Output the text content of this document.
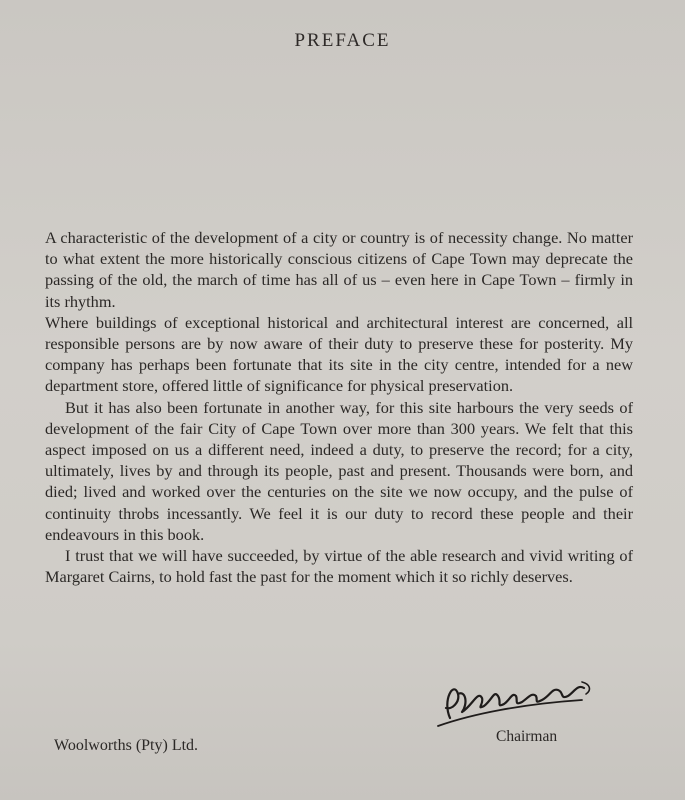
PREFACE

A characteristic of the development of a city or country is of necessity change. No matter to what extent the more historically conscious citizens of Cape Town may deprecate the passing of the old, the march of time has all of us – even here in Cape Town – firmly in its rhythm.

Where buildings of exceptional historical and architectural interest are concerned, all responsible persons are by now aware of their duty to preserve these for posterity. My company has perhaps been fortunate that its site in the city centre, intended for a new department store, offered little of significance for physical preservation.

But it has also been fortunate in another way, for this site harbours the very seeds of development of the fair City of Cape Town over more than 300 years. We felt that this aspect imposed on us a different need, indeed a duty, to preserve the record; for a city, ultimately, lives by and through its people, past and present. Thousands were born, and died; lived and worked over the centuries on the site we now occupy, and the pulse of continuity throbs incessantly. We feel it is our duty to record these people and their endeavours in this book.

I trust that we will have succeeded, by virtue of the able research and vivid writing of Margaret Cairns, to hold fast the past for the moment which it so richly deserves.

Chairman
Woolworths (Pty) Ltd.
